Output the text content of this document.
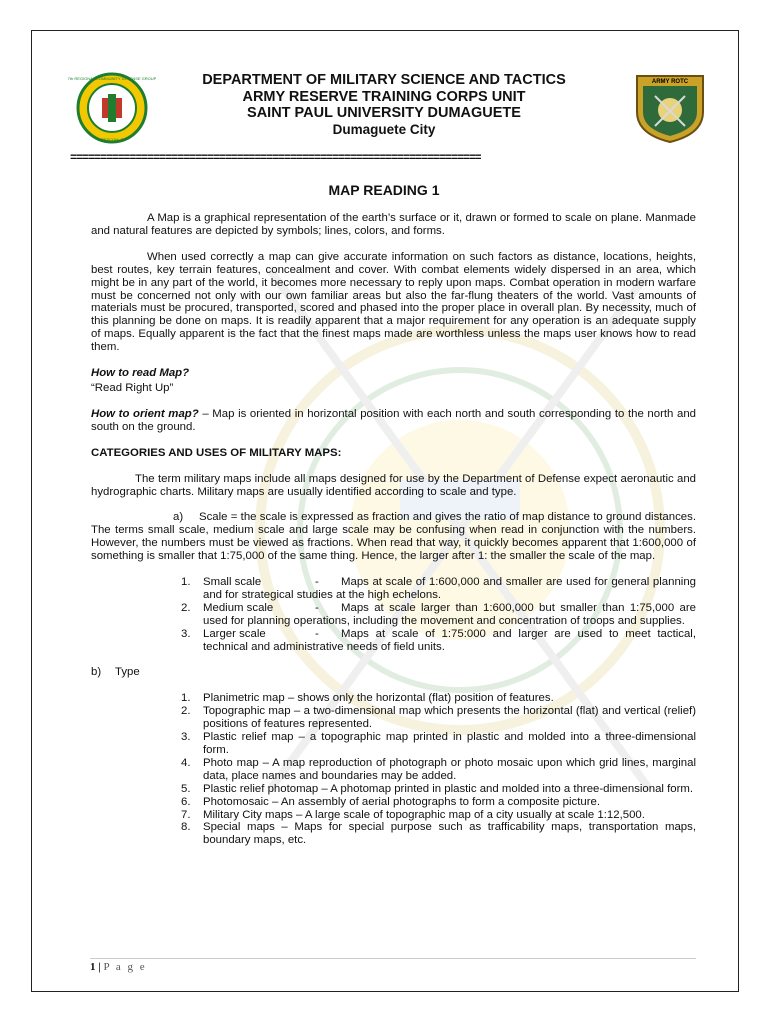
7th REGIONAL COMMUNITY DEFENSE GROUP
ARESCOM, PA
ARMY ROTC
DEPARTMENT OF MILITARY SCIENCE AND TACTICS
ARMY RESERVE TRAINING CORPS UNIT
SAINT PAUL UNIVERSITY DUMAGUETE
Dumaguete City
=====================================================================
MAP READING 1

A Map is a graphical representation of the earth’s surface or it, drawn or formed to scale on plane. Manmade and natural features are depicted by symbols; lines, colors, and forms.

When used correctly a map can give accurate information on such factors as distance, locations, heights, best routes, key terrain features, concealment and cover. With combat elements widely dispersed in an area, which might be in any part of the world, it becomes more necessary to reply upon maps. Combat operation in modern warfare must be concerned not only with our own familiar areas but also the far-flung theaters of the world. Vast amounts of materials must be procured, transported, scored and phased into the proper place in overall plan. By necessity, much of this planning be done on maps. It is readily apparent that a major requirement for any operation is an adequate supply of maps. Equally apparent is the fact that the finest maps made are worthless unless the maps user knows how to read them.

How to read Map?

“Read Right Up”

How to orient map? – Map is oriented in horizontal position with each north and south corresponding to the north and south on the ground.

CATEGORIES AND USES OF MILITARY MAPS:

The term military maps include all maps designed for use by the Department of Defense expect aeronautic and hydrographic charts. Military maps are usually identified according to scale and type.

a) Scale = the scale is expressed as fraction and gives the ratio of map distance to ground distances. The terms small scale, medium scale and large scale may be confusing when read in conjunction with the numbers. However, the numbers must be viewed as fractions. When read that way, it quickly becomes apparent that 1:600,000 of something is smaller that 1:75,000 of the same thing. Hence, the larger after 1: the smaller the scale of the map.

1. Small scale	- Maps at scale of 1:600,000 and smaller are used for general planning and for strategical studies at the high echelons.
2. Medium scale	- Maps at scale larger than 1:600,000 but smaller than 1:75,000 are used for planning operations, including the movement and concentration of troops and supplies.
3. Larger scale	- Maps at scale of 1:75:000 and larger are used to meet tactical, technical and administrative needs of field units.

b) Type

1. Planimetric map – shows only the horizontal (flat) position of features.
2. Topographic map – a two-dimensional map which presents the horizontal (flat) and vertical (relief) positions of features represented.
3. Plastic relief map – a topographic map printed in plastic and molded into a three-dimensional form.
4. Photo map – A map reproduction of photograph or photo mosaic upon which grid lines, marginal data, place names and boundaries may be added.
5. Plastic relief photomap – A photomap printed in plastic and molded into a three-dimensional form.
6. Photomosaic – An assembly of aerial photographs to form a composite picture.
7. Military City maps – A large scale of topographic map of a city usually at scale 1:12,500.
8. Special maps – Maps for special purpose such as trafficability maps, transportation maps, boundary maps, etc.
1 | P a g e
